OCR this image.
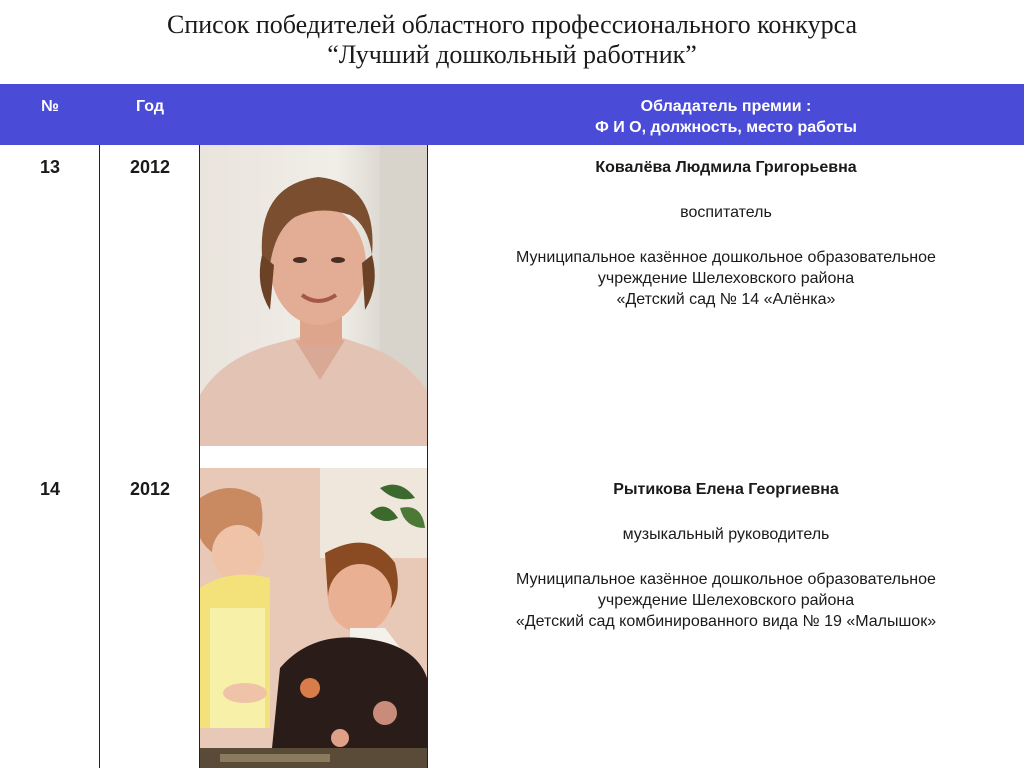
Список победителей областного профессионального конкурса
“Лучший дошкольный работник”
№	Год	Обладатель премии :
Ф И О, должность, место работы
13	2012	Ковалёва Людмила Григорьевна
воспитатель
Муниципальное казённое дошкольное образовательное
учреждение Шелеховского района
«Детский сад № 14 «Алёнка»
14	2012	Рытикова Елена Георгиевна
музыкальный руководитель
Муниципальное казённое дошкольное образовательное
учреждение Шелеховского района
«Детский сад комбинированного вида № 19 «Малышок»
